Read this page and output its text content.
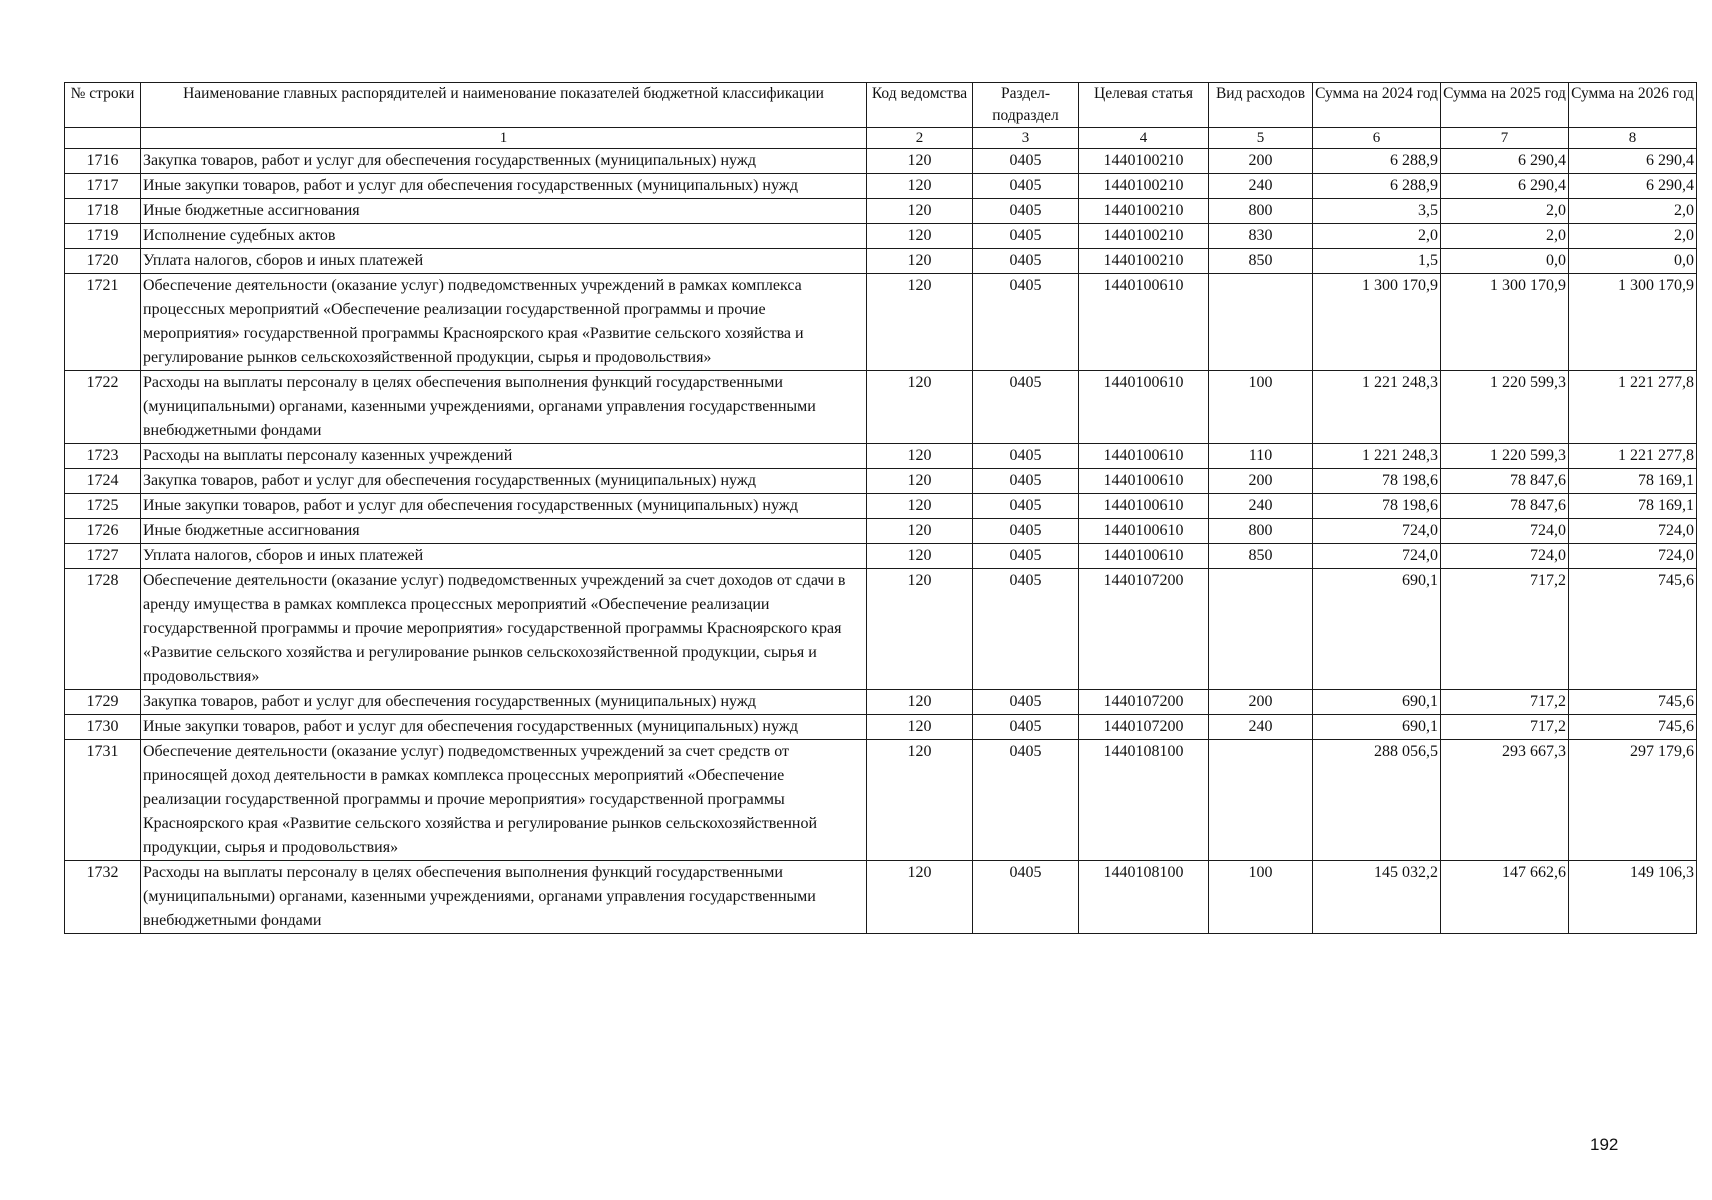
№ строки	Наименование главных распорядителей и наименование показателей бюджетной классификации	Код ведомства	Раздел-подраздел	Целевая статья	Вид расходов	Сумма на 2024 год	Сумма на 2025 год	Сумма на 2026 год
	1	2	3	4	5	6	7	8
1716	Закупка товаров, работ и услуг для обеспечения государственных (муниципальных) нужд	120	0405	1440100210	200	6 288,9	6 290,4	6 290,4
1717	Иные закупки товаров, работ и услуг для обеспечения государственных (муниципальных) нужд	120	0405	1440100210	240	6 288,9	6 290,4	6 290,4
1718	Иные бюджетные ассигнования	120	0405	1440100210	800	3,5	2,0	2,0
1719	Исполнение судебных актов	120	0405	1440100210	830	2,0	2,0	2,0
1720	Уплата налогов, сборов и иных платежей	120	0405	1440100210	850	1,5	0,0	0,0
1721	Обеспечение деятельности (оказание услуг) подведомственных учреждений в рамках комплекса процессных мероприятий «Обеспечение реализации государственной программы и прочие мероприятия» государственной программы Красноярского края «Развитие сельского хозяйства и регулирование рынков сельскохозяйственной продукции, сырья и продовольствия»	120	0405	1440100610		1 300 170,9	1 300 170,9	1 300 170,9
1722	Расходы на выплаты персоналу в целях обеспечения выполнения функций государственными (муниципальными) органами, казенными учреждениями, органами управления государственными внебюджетными фондами	120	0405	1440100610	100	1 221 248,3	1 220 599,3	1 221 277,8
1723	Расходы на выплаты персоналу казенных учреждений	120	0405	1440100610	110	1 221 248,3	1 220 599,3	1 221 277,8
1724	Закупка товаров, работ и услуг для обеспечения государственных (муниципальных) нужд	120	0405	1440100610	200	78 198,6	78 847,6	78 169,1
1725	Иные закупки товаров, работ и услуг для обеспечения государственных (муниципальных) нужд	120	0405	1440100610	240	78 198,6	78 847,6	78 169,1
1726	Иные бюджетные ассигнования	120	0405	1440100610	800	724,0	724,0	724,0
1727	Уплата налогов, сборов и иных платежей	120	0405	1440100610	850	724,0	724,0	724,0
1728	Обеспечение деятельности (оказание услуг) подведомственных учреждений за счет доходов от сдачи в аренду имущества в рамках комплекса процессных мероприятий «Обеспечение реализации государственной программы и прочие мероприятия» государственной программы Красноярского края «Развитие сельского хозяйства и регулирование рынков сельскохозяйственной продукции, сырья и продовольствия»	120	0405	1440107200		690,1	717,2	745,6
1729	Закупка товаров, работ и услуг для обеспечения государственных (муниципальных) нужд	120	0405	1440107200	200	690,1	717,2	745,6
1730	Иные закупки товаров, работ и услуг для обеспечения государственных (муниципальных) нужд	120	0405	1440107200	240	690,1	717,2	745,6
1731	Обеспечение деятельности (оказание услуг) подведомственных учреждений за счет средств от приносящей доход деятельности в рамках комплекса процессных мероприятий «Обеспечение реализации государственной программы и прочие мероприятия» государственной программы Красноярского края «Развитие сельского хозяйства и регулирование рынков сельскохозяйственной продукции, сырья и продовольствия»	120	0405	1440108100		288 056,5	293 667,3	297 179,6
1732	Расходы на выплаты персоналу в целях обеспечения выполнения функций государственными (муниципальными) органами, казенными учреждениями, органами управления государственными внебюджетными фондами	120	0405	1440108100	100	145 032,2	147 662,6	149 106,3
192
